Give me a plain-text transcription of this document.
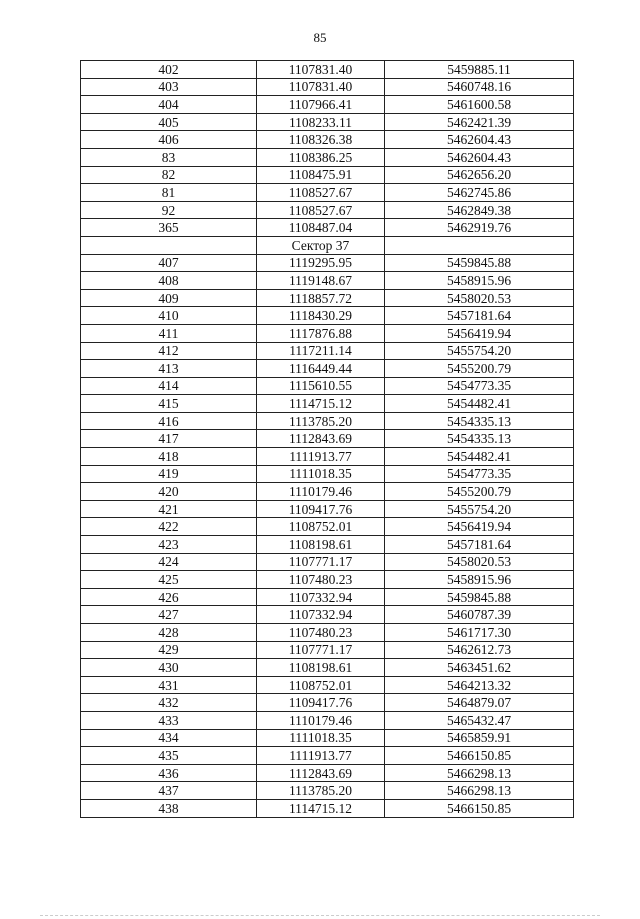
85
402	1107831.40	5459885.11
403	1107831.40	5460748.16
404	1107966.41	5461600.58
405	1108233.11	5462421.39
406	1108326.38	5462604.43
83	1108386.25	5462604.43
82	1108475.91	5462656.20
81	1108527.67	5462745.86
92	1108527.67	5462849.38
365	1108487.04	5462919.76
	Сектор 37	
407	1119295.95	5459845.88
408	1119148.67	5458915.96
409	1118857.72	5458020.53
410	1118430.29	5457181.64
411	1117876.88	5456419.94
412	1117211.14	5455754.20
413	1116449.44	5455200.79
414	1115610.55	5454773.35
415	1114715.12	5454482.41
416	1113785.20	5454335.13
417	1112843.69	5454335.13
418	1111913.77	5454482.41
419	1111018.35	5454773.35
420	1110179.46	5455200.79
421	1109417.76	5455754.20
422	1108752.01	5456419.94
423	1108198.61	5457181.64
424	1107771.17	5458020.53
425	1107480.23	5458915.96
426	1107332.94	5459845.88
427	1107332.94	5460787.39
428	1107480.23	5461717.30
429	1107771.17	5462612.73
430	1108198.61	5463451.62
431	1108752.01	5464213.32
432	1109417.76	5464879.07
433	1110179.46	5465432.47
434	1111018.35	5465859.91
435	1111913.77	5466150.85
436	1112843.69	5466298.13
437	1113785.20	5466298.13
438	1114715.12	5466150.85
